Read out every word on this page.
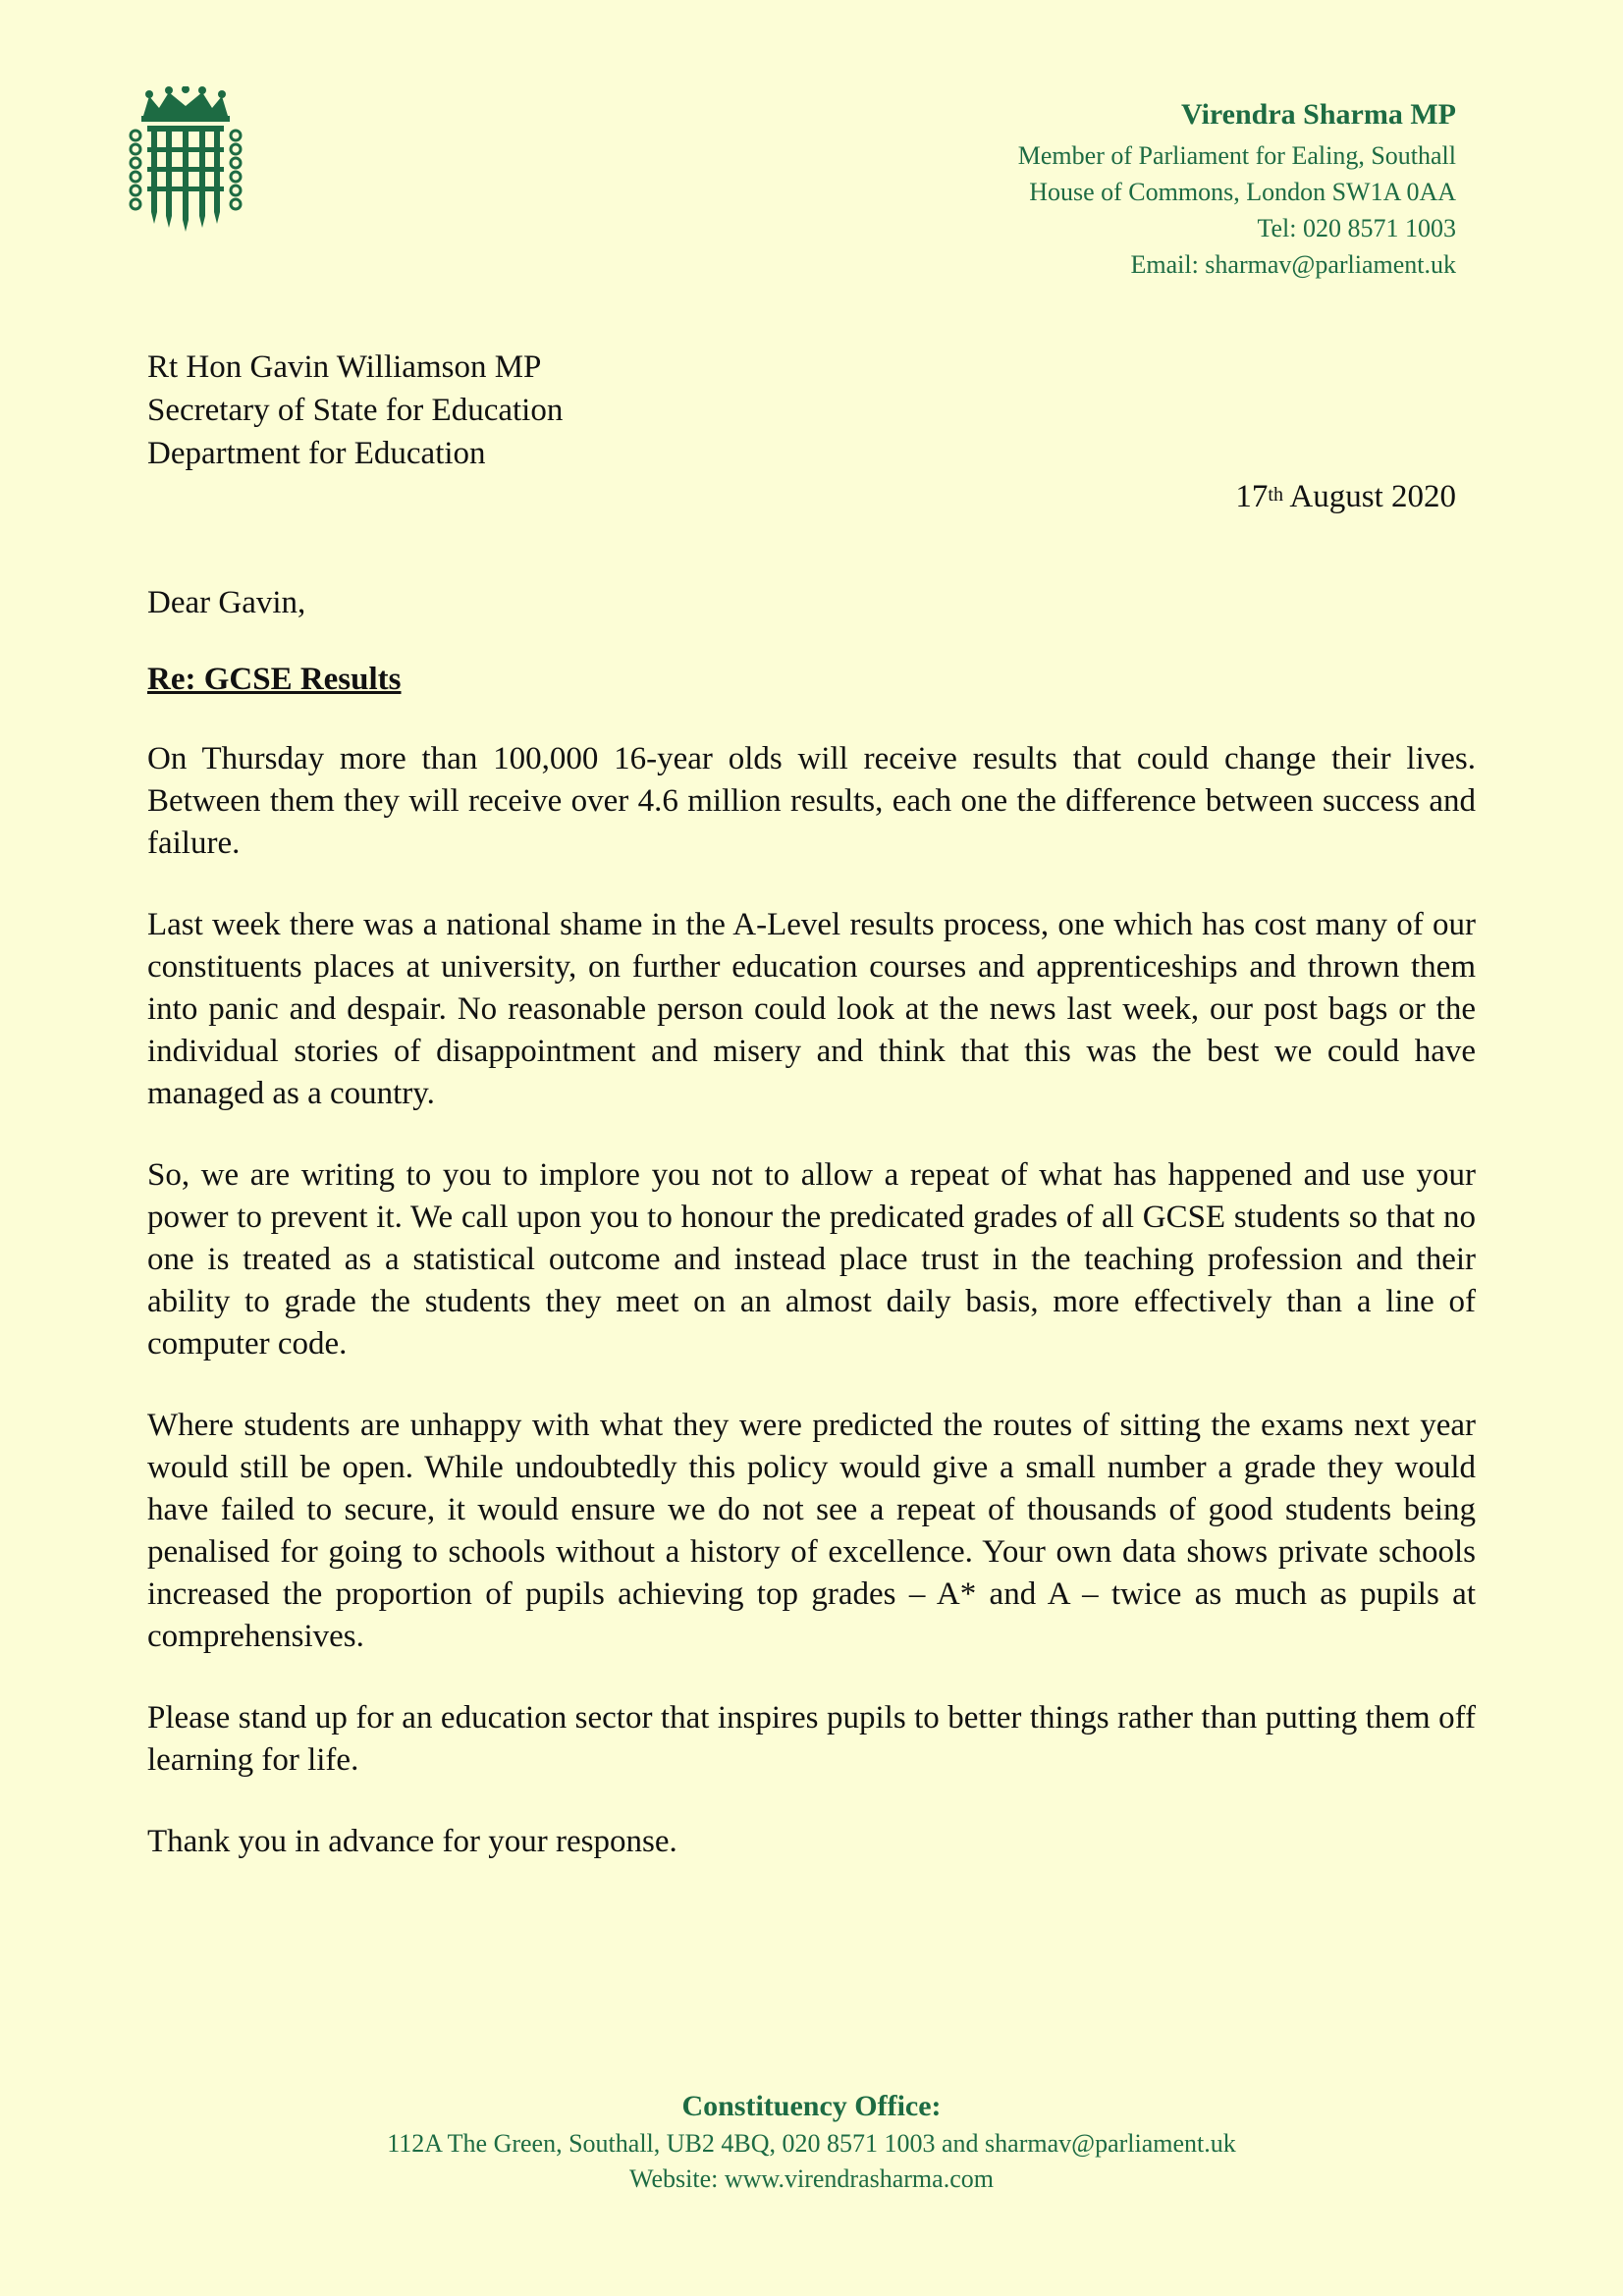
Virendra Sharma MP
Member of Parliament for Ealing, Southall
House of Commons, London SW1A 0AA
Tel: 020 8571 1003
Email: sharmav@parliament.uk
Rt Hon Gavin Williamson MP
Secretary of State for Education
Department for Education
17th August 2020
Dear Gavin,
Re: GCSE Results

On Thursday more than 100,000 16-year olds will receive results that could change their lives. Between them they will receive over 4.6 million results, each one the difference between success and failure.

Last week there was a national shame in the A-Level results process, one which has cost many of our constituents places at university, on further education courses and apprenticeships and thrown them into panic and despair. No reasonable person could look at the news last week, our post bags or the individual stories of disappointment and misery and think that this was the best we could have managed as a country.

So, we are writing to you to implore you not to allow a repeat of what has happened and use your power to prevent it. We call upon you to honour the predicated grades of all GCSE students so that no one is treated as a statistical outcome and instead place trust in the teaching profession and their ability to grade the students they meet on an almost daily basis, more effectively than a line of computer code.

Where students are unhappy with what they were predicted the routes of sitting the exams next year would still be open. While undoubtedly this policy would give a small number a grade they would have failed to secure, it would ensure we do not see a repeat of thousands of good students being penalised for going to schools without a history of excellence. Your own data shows private schools increased the proportion of pupils achieving top grades – A* and A – twice as much as pupils at comprehensives.

Please stand up for an education sector that inspires pupils to better things rather than putting them off learning for life.

Thank you in advance for your response.

Constituency Office:
112A The Green, Southall, UB2 4BQ, 020 8571 1003 and sharmav@parliament.uk
Website: www.virendrasharma.com
